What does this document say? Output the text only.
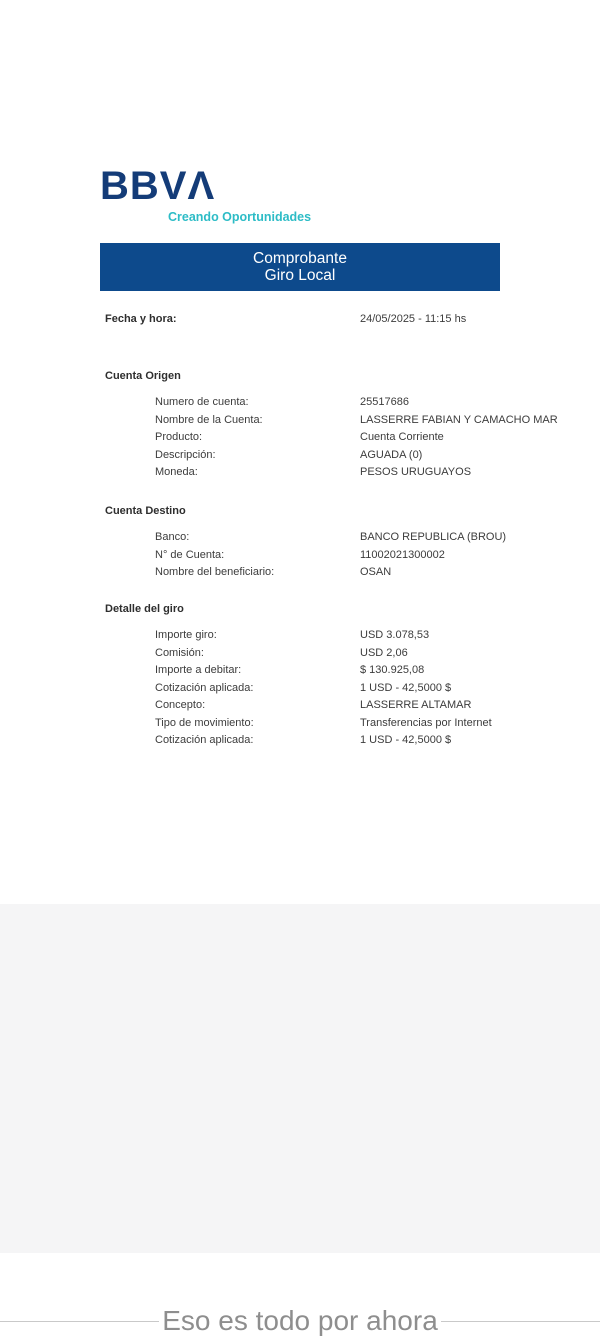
BBVΛ
Creando Oportunidades
Comprobante
Giro Local
Fecha y hora:	24/05/2025 - 11:15 hs
Cuenta Origen
Numero de cuenta:	25517686
Nombre de la Cuenta:	LASSERRE FABIAN Y CAMACHO MAR
Producto:	Cuenta Corriente
Descripción:	AGUADA (0)
Moneda:	PESOS URUGUAYOS
Cuenta Destino
Banco:	BANCO REPUBLICA (BROU)
N° de Cuenta:	11002021300002
Nombre del beneficiario:	OSAN
Detalle del giro
Importe giro:	USD 3.078,53
Comisión:	USD 2,06
Importe a debitar:	$ 130.925,08
Cotización aplicada:	1 USD - 42,5000 $
Concepto:	LASSERRE ALTAMAR
Tipo de movimiento:	Transferencias por Internet
Cotización aplicada:	1 USD - 42,5000 $
Eso es todo por ahora
